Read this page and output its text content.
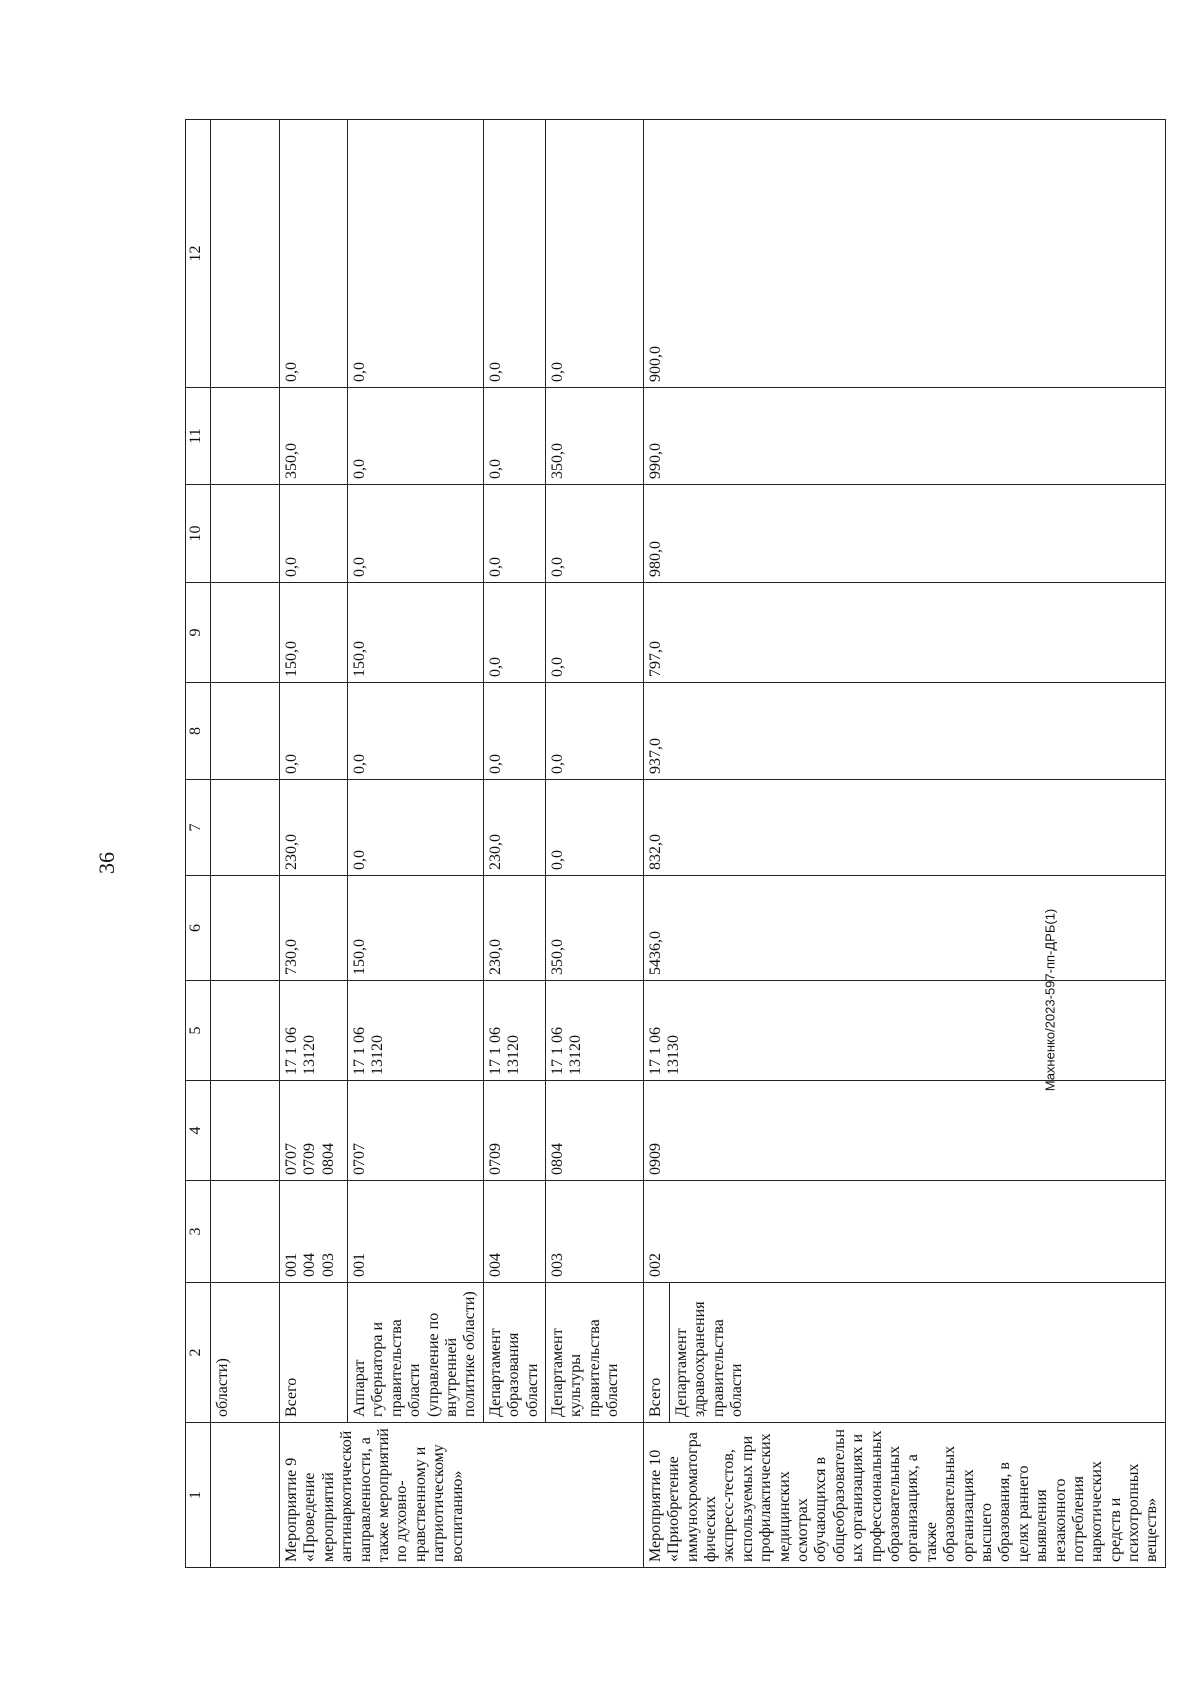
36
1	2	3	4	5	6	7	8	9	10	11	12
	области)										
Мероприятие 9
«Проведение мероприятий антинаркотической направленности, а также мероприятий по духовно-нравственному и патриотическому воспитанию»	Всего	001
004
003	0707
0709
0804	17 1 06
13120	730,0	230,0	0,0	150,0	0,0	350,0	0,0
	Аппарат губернатора и правительства области (управление по внутренней политике области)	001	0707	17 1 06
13120	150,0	0,0	0,0	150,0	0,0	0,0	0,0
	Департамент образования области	004	0709	17 1 06
13120	230,0	230,0	0,0	0,0	0,0	0,0	0,0
	Департамент культуры правительства области	003	0804	17 1 06
13120	350,0	0,0	0,0	0,0	0,0	350,0	0,0
Мероприятие 10
«Приобретение иммунохроматографических экспресс-тестов, используемых при профилактических медицинских осмотрах обучающихся в общеобразовательных организациях и профессиональных образовательных организациях, а также образовательных организациях высшего образования, в целях раннего выявления незаконного потребления наркотических средств и психотропных веществ»	Всего	002	0909	17 1 06
13130	5436,0	832,0	937,0	797,0	980,0	990,0	900,0
	Департамент здравоохранения правительства области										
Махненко/2023-597-пп-ДРБ(1)
